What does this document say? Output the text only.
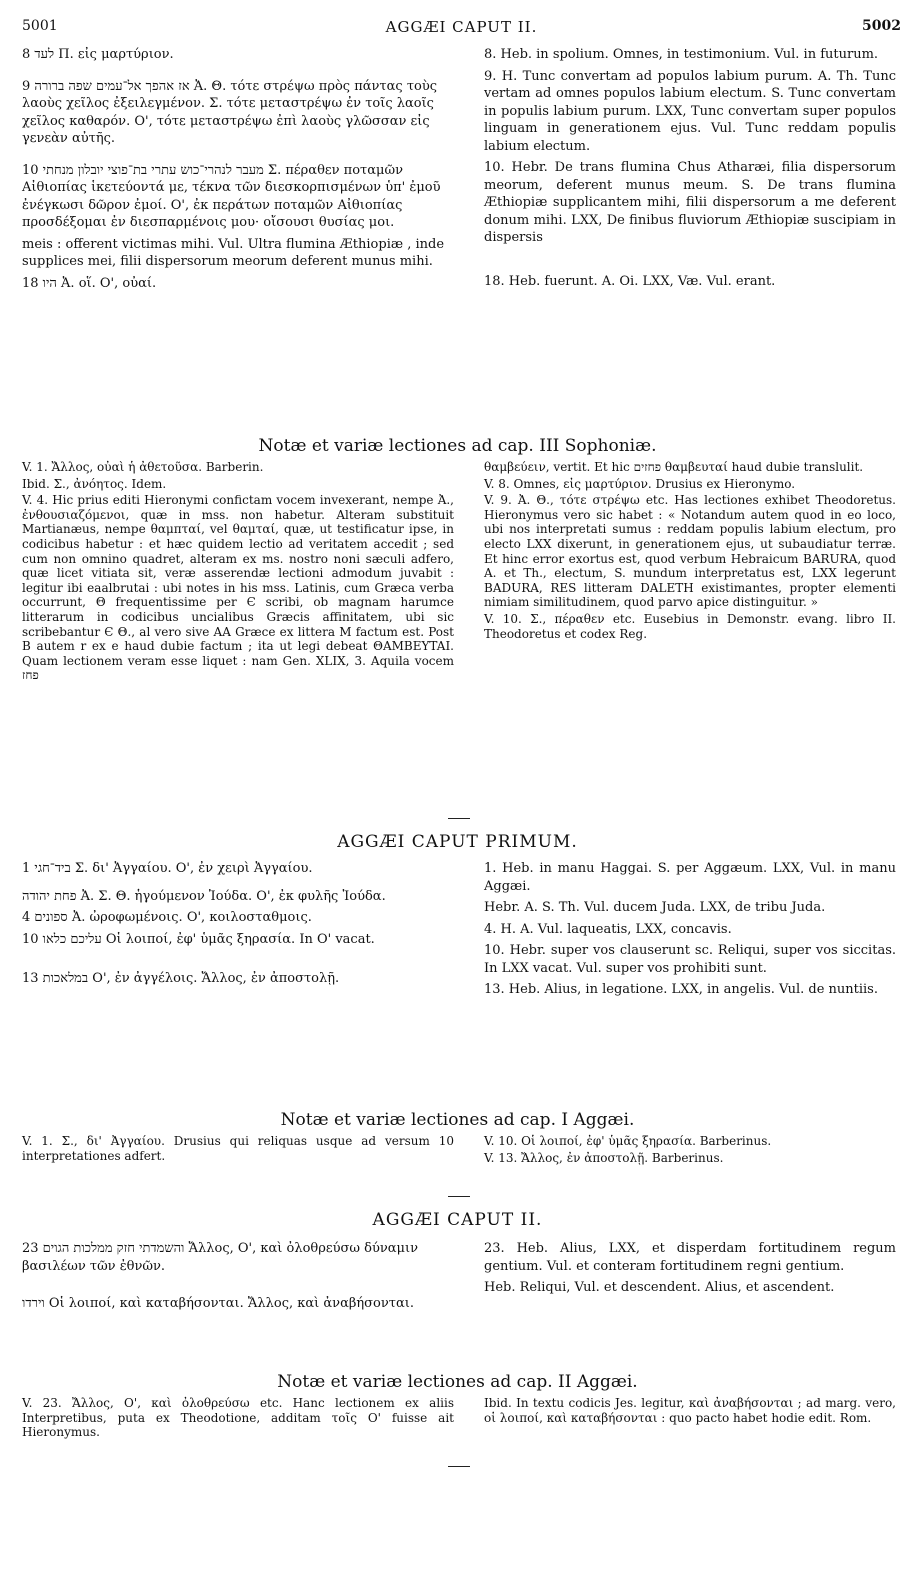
5001	AGGÆI CAPUT II.	5002

לעד 8 Π. εἰς μαρτύριον.

אז אהפך אל־עמים שפה ברורה 9 Ἀ. Θ. τότε στρέψω πρὸς πάντας τοὺς λαοὺς χεῖλος ἐξειλεγμένον. Σ. τότε μεταστρέψω ἐν τοῖς λαοῖς χεῖλος καθαρόν. Ο', τότε μεταστρέψω ἐπὶ λαοὺς γλῶσσαν εἰς γενεὰν αὐτῆς.

מעבר לנהרי־כוש עתרי בת־פוצי יובלון מנחתי 10 Σ. πέραθεν ποταμῶν Αἰθιοπίας ἱκετεύοντά με, τέκνα τῶν διεσκορπισμένων ὑπ' ἐμοῦ ἐνέγκωσι δῶρον ἐμοί. Ο', ἐκ περάτων ποταμῶν Αἰθιοπίας προσδέξομαι ἐν διεσπαρμένοις μου· οἴσουσι θυσίας μοι.

meis : offerent victimas mihi. Vul. Ultra flumina Æthiopiæ , inde supplices mei, filii dispersorum meorum deferent munus mihi.

היו 18 Ἀ. οἵ. Ο', οὐαί.

8. Heb. in spolium. Omnes, in testimonium. Vul. in futurum.

9. H. Tunc convertam ad populos labium purum. A. Th. Tunc vertam ad omnes populos labium electum. S. Tunc convertam in populis labium purum. LXX, Tunc convertam super populos linguam in generationem ejus. Vul. Tunc reddam populis labium electum.

10. Hebr. De trans flumina Chus Atharæi, filia dispersorum meorum, deferent munus meum. S. De trans flumina Æthiopiæ supplicantem mihi, filii dispersorum a me deferent donum mihi. LXX, De finibus fluviorum Æthiopiæ suscipiam in dispersis

18. Heb. fuerunt. A. Oi. LXX, Væ. Vul. erant.

Notæ et variæ lectiones ad cap. III Sophoniæ.

V. 1. Ἄλλος, οὐαὶ ἡ ἀθετοῦσα. Barberin.

Ibid. Σ., ἀνόητος. Idem.

V. 4. Hic prius editi Hieronymi confictam vocem invexerant, nempe Ἀ., ἐνθουσιαζόμενοι, quæ in mss. non habetur. Alteram substituit Martianæus, nempe θαμπταί, vel θαμταί, quæ, ut testificatur ipse, in codicibus habetur : et hæc quidem lectio ad veritatem accedit ; sed cum non omnino quadret, alteram ex ms. nostro noni sæculi adfero, quæ licet vitiata sit, veræ asserendæ lectioni admodum juvabit : legitur ibi eaalbrutai : ubi notes in his mss. Latinis, cum Græca verba occurrunt, Θ frequentissime per Є scribi, ob magnam harumce litterarum in codicibus uncialibus Græcis affinitatem, ubi sic scribebantur Є Θ., al vero sive AA Græce ex littera M factum est. Post B autem r ex e haud dubie factum ; ita ut legi debeat ΘAMBEYTAI. Quam lectionem veram esse liquet : nam Gen. XLIX, 3. Aquila vocem פחז

θαμβεύειν, vertit. Et hic פחזים θαμβευταί haud dubie translulit.

V. 8. Omnes, εἰς μαρτύριον. Drusius ex Hieronymo.

V. 9. Ἀ. Θ., τότε στρέψω etc. Has lectiones exhibet Theodoretus. Hieronymus vero sic habet : « Notandum autem quod in eo loco, ubi nos interpretati sumus : reddam populis labium electum, pro electo LXX dixerunt, in generationem ejus, ut subaudiatur terræ. Et hinc error exortus est, quod verbum Hebraicum BARURA, quod A. et Th., electum, S. mundum interpretatus est, LXX legerunt BADURA, RES litteram DALETH existimantes, propter elementi nimiam similitudinem, quod parvo apice distinguitur. »

V. 10. Σ., πέραθεν etc. Eusebius in Demonstr. evang. libro II. Theodoretus et codex Reg.

AGGÆI CAPUT PRIMUM.

ביד־חגי 1 Σ. δι' Ἀγγαίου. Ο', ἐν χειρὶ Ἀγγαίου.

פחת יהודה Ἀ. Σ. Θ. ἡγούμενον Ἰούδα. Ο', ἐκ φυλῆς Ἰούδα.

ספונים 4 Ἀ. ὠροφωμένοις. Ο', κοιλοσταθμοις.

עליכם כלאו 10 Οἱ λοιποί, ἐφ' ὑμᾶς ξηρασία. In Ο' vacat.

במלאכות 13 Ο', ἐν ἀγγέλοις. Ἄλλος, ἐν ἀποστολῇ.

1. Heb. in manu Haggai. S. per Aggæum. LXX, Vul. in manu Aggæi.

Hebr. A. S. Th. Vul. ducem Juda. LXX, de tribu Juda.

4. H. A. Vul. laqueatis, LXX, concavis.

10. Hebr. super vos clauserunt sc. Reliqui, super vos siccitas. In LXX vacat. Vul. super vos prohibiti sunt.

13. Heb. Alius, in legatione. LXX, in angelis. Vul. de nuntiis.

Notæ et variæ lectiones ad cap. I Aggæi.

V. 1. Σ., δι' Ἀγγαίου. Drusius qui reliquas usque ad versum 10 interpretationes adfert.

V. 10. Οἱ λοιποί, ἐφ' ὑμᾶς ξηρασία. Barberinus.

V. 13. Ἄλλος, ἐν ἀποστολῇ. Barberinus.

AGGÆI CAPUT II.

והשמדתי חזק ממלכות הגוים 23 Ἄλλος, Ο', καὶ ὀλοθρεύσω δύναμιν βασιλέων τῶν ἐθνῶν.

וירדו Οἱ λοιποί, καὶ καταβήσονται. Ἄλλος, καὶ ἀναβήσονται.

23. Heb. Alius, LXX, et disperdam fortitudinem regum gentium. Vul. et conteram fortitudinem regni gentium.

Heb. Reliqui, Vul. et descendent. Alius, et ascendent.

Notæ et variæ lectiones ad cap. II Aggæi.

V. 23. Ἄλλος, Ο', καὶ ὀλοθρεύσω etc. Hanc lectionem ex aliis Interpretibus, puta ex Theodotione, additam τοῖς Ο' fuisse ait Hieronymus.

Ibid. In textu codicis Jes. legitur, καὶ ἀναβήσονται ; ad marg. vero, οἱ λοιποί, καὶ καταβήσονται : quo pacto habet hodie edit. Rom.
